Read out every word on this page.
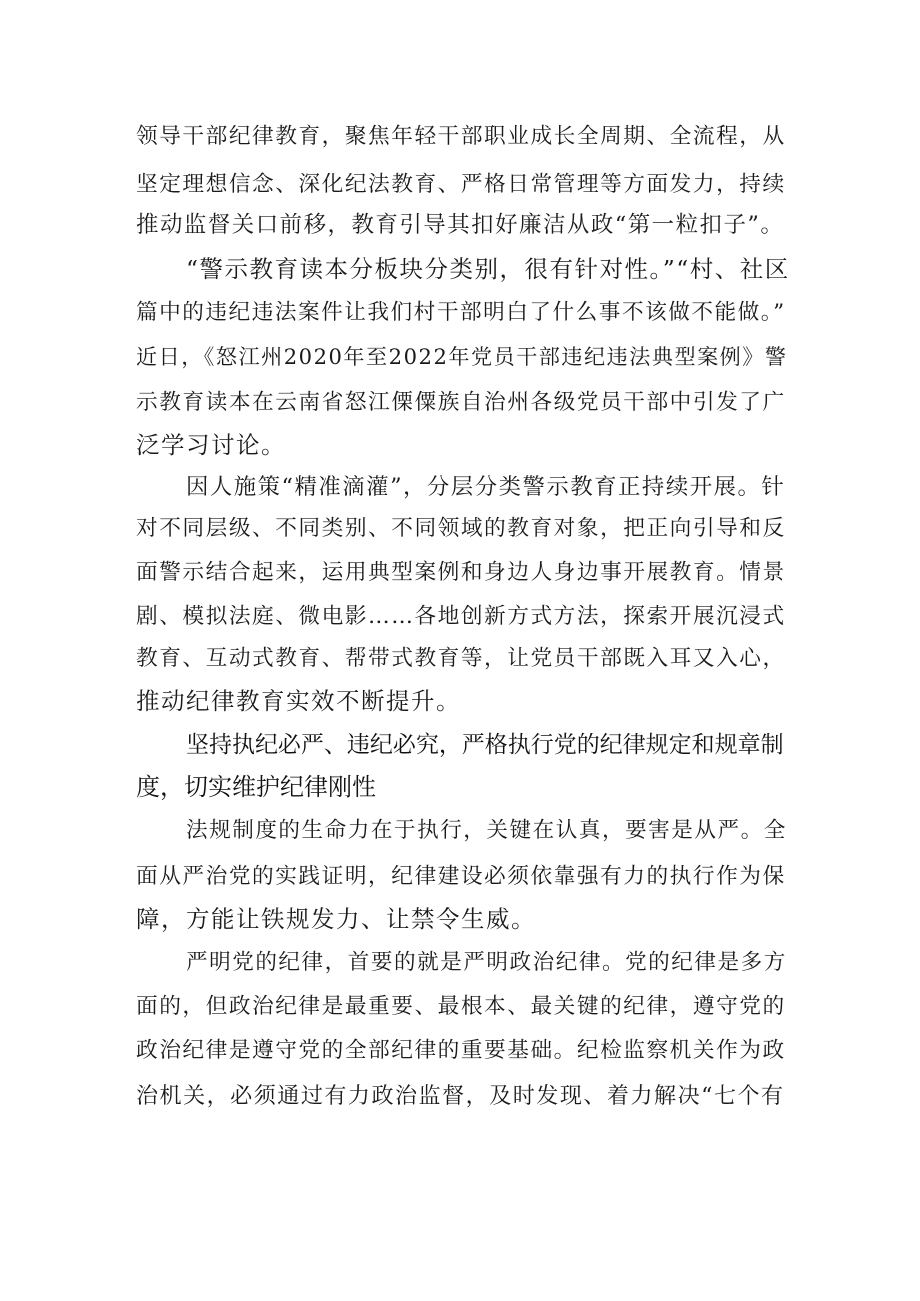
领导干部纪律教育，聚焦年轻干部职业成长全周期、全流程，从
坚定理想信念、深化纪法教育、严格日常管理等方面发力，持续
推动监督关口前移，教育引导其扣好廉洁从政“第一粒扣子”。
“警示教育读本分板块分类别，很有针对性。”“村、社区
篇中的违纪违法案件让我们村干部明白了什么事不该做不能做。”
近日，《怒江州2020年至2022年党员干部违纪违法典型案例》警
示教育读本在云南省怒江傈僳族自治州各级党员干部中引发了广
泛学习讨论。
因人施策“精准滴灌”，分层分类警示教育正持续开展。针
对不同层级、不同类别、不同领域的教育对象，把正向引导和反
面警示结合起来，运用典型案例和身边人身边事开展教育。情景
剧、模拟法庭、微电影……各地创新方式方法，探索开展沉浸式
教育、互动式教育、帮带式教育等，让党员干部既入耳又入心，
推动纪律教育实效不断提升。
坚持执纪必严、违纪必究，严格执行党的纪律规定和规章制
度，切实维护纪律刚性
法规制度的生命力在于执行，关键在认真，要害是从严。全
面从严治党的实践证明，纪律建设必须依靠强有力的执行作为保
障，方能让铁规发力、让禁令生威。
严明党的纪律，首要的就是严明政治纪律。党的纪律是多方
面的，但政治纪律是最重要、最根本、最关键的纪律，遵守党的
政治纪律是遵守党的全部纪律的重要基础。纪检监察机关作为政
治机关，必须通过有力政治监督，及时发现、着力解决“七个有
